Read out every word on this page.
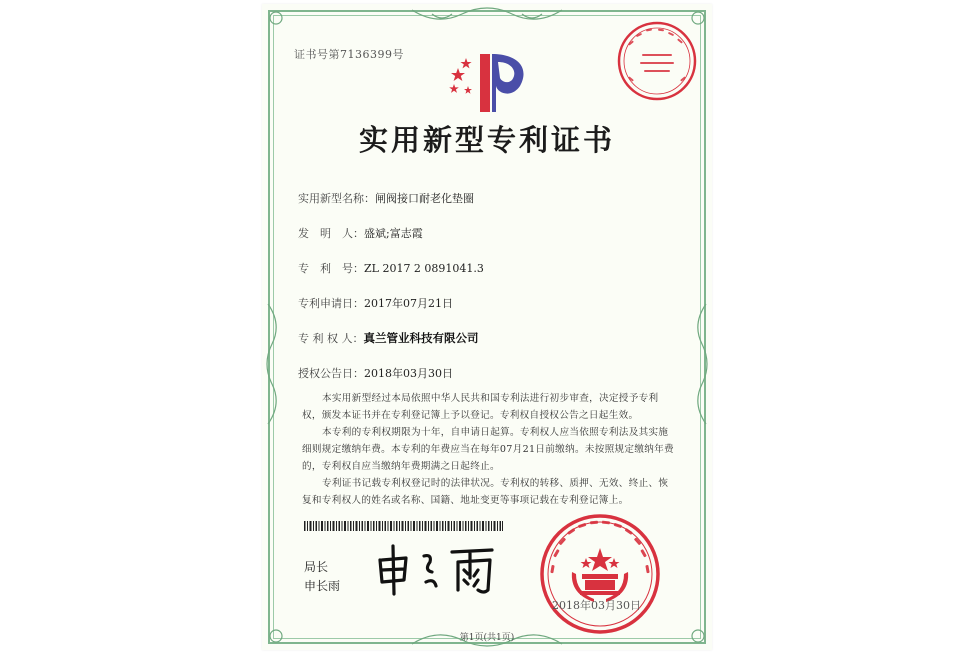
证书号第7136399号
实用新型专利证书
实用新型名称：闸阀接口耐老化垫圈
发　明　人：盛斌;富志霞
专　利　号：ZL 2017 2 0891041.3
专利申请日：2017年07月21日
专 利 权 人：真兰管业科技有限公司
授权公告日：2018年03月30日

本实用新型经过本局依照中华人民共和国专利法进行初步审查，决定授予专利权，颁发本证书并在专利登记簿上予以登记。专利权自授权公告之日起生效。

本专利的专利权期限为十年，自申请日起算。专利权人应当依照专利法及其实施细则规定缴纳年费。本专利的年费应当在每年07月21日前缴纳。未按照规定缴纳年费的，专利权自应当缴纳年费期满之日起终止。

专利证书记载专利权登记时的法律状况。专利权的转移、质押、无效、终止、恢复和专利权人的姓名或名称、国籍、地址变更等事项记载在专利登记簿上。

局长
申长雨
2018年03月30日
第1页(共1页)
